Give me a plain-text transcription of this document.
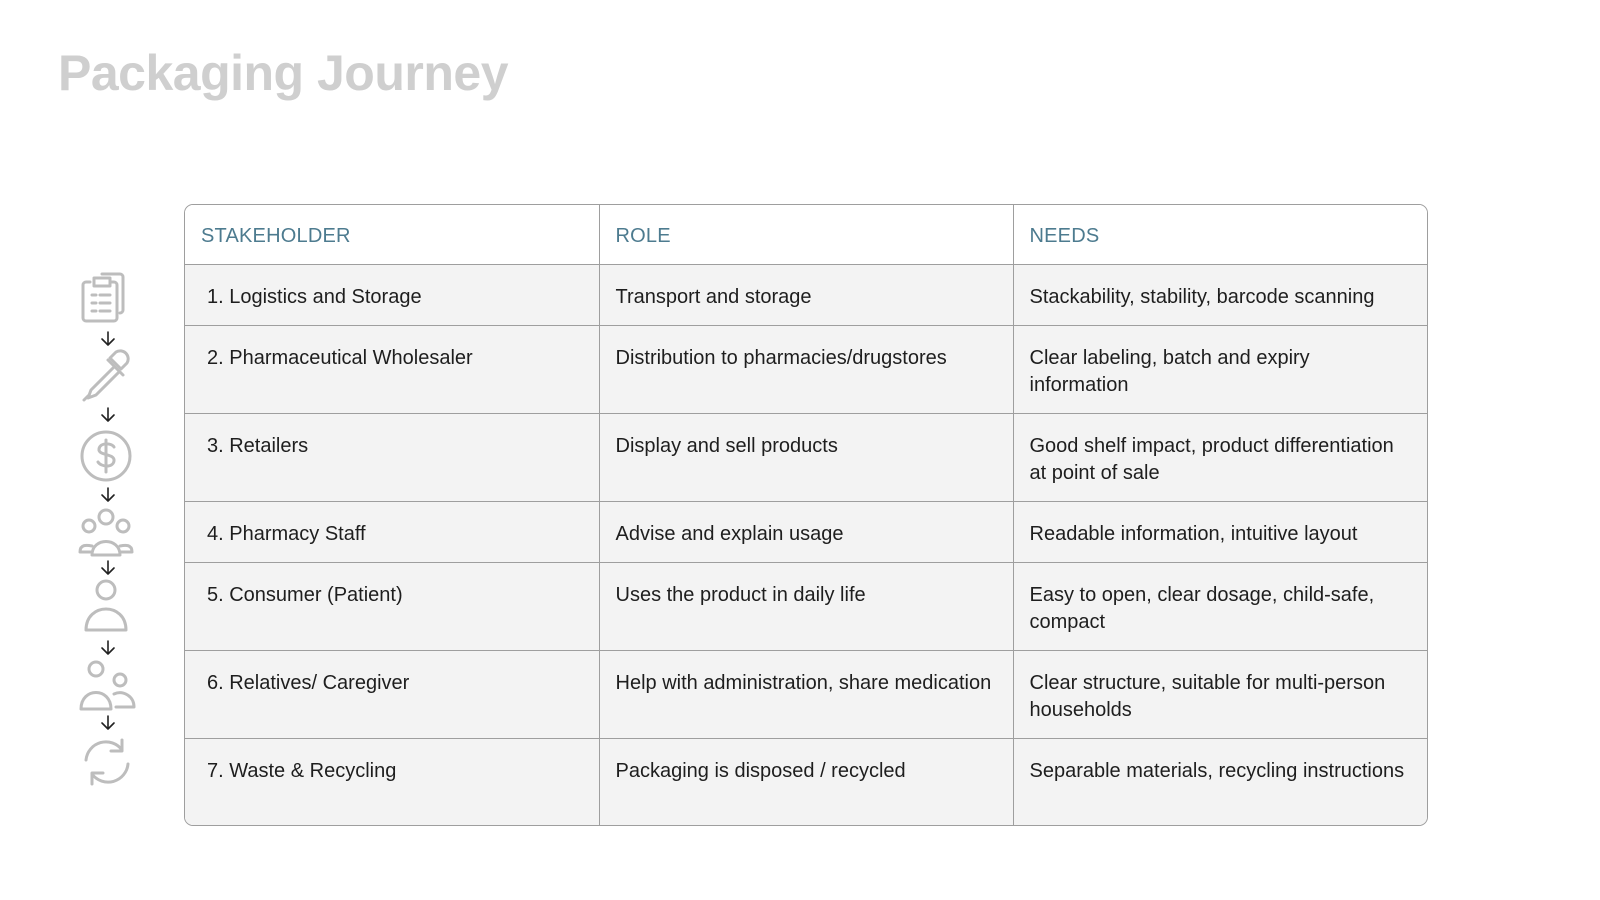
Packaging Journey
STAKEHOLDER	ROLE	NEEDS
1. Logistics and Storage	Transport and storage	Stackability, stability, barcode scanning
2. Pharmaceutical Wholesaler	Distribution to pharmacies/drugstores	Clear labeling, batch and expiry information
3. Retailers	Display and sell products	Good shelf impact, product differentiation at point of sale
4. Pharmacy Staff	Advise and explain usage	Readable information, intuitive layout
5. Consumer (Patient)	Uses the product in daily life	Easy to open, clear dosage, child-safe, compact
6. Relatives/ Caregiver	Help with administration, share medication	Clear structure, suitable for multi-person households
7. Waste & Recycling	Packaging is disposed / recycled	Separable materials, recycling instructions
